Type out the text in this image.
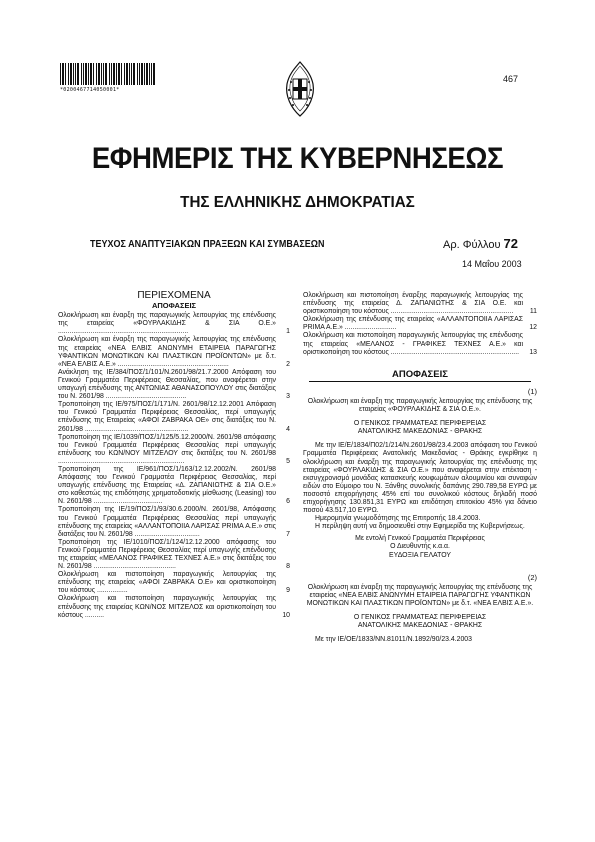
*0200467714050001*
467
ΕΦΗΜΕΡΙΣ ΤΗΣ ΚΥΒΕΡΝΗΣΕΩΣ
ΤΗΣ ΕΛΛΗΝΙΚΗΣ ΔΗΜΟΚΡΑΤΙΑΣ
ΤΕΥΧΟΣ ΑΝΑΠΤΥΞΙΑΚΩΝ ΠΡΑΞΕΩΝ ΚΑΙ ΣΥΜΒΑΣΕΩΝ	Αρ. Φύλλου 72
14 Μαΐου 2003
ΠΕΡΙΕΧΟΜΕΝΑ
ΑΠΟΦΑΣΕΙΣ
Ολοκλήρωση και έναρξη της παραγωγικής λειτουργίας της επένδυσης της εταιρείας «ΦΟΥΡΛΑΚΙΔΗΣ & ΣΙΑ Ο.Ε.» ....................................................................	1
Ολοκλήρωση και έναρξη της παραγωγικής λειτουργίας της επένδυσης της εταιρείας «ΝΕΑ ΕΛΒΙΣ ΑΝΩΝΥΜΗ ΕΤΑΙΡΕΙΑ ΠΑΡΑΓΩΓΗΣ ΥΦΑΝΤΙΚΩΝ ΜΟΝΩΤΙΚΩΝ ΚΑΙ ΠΛΑΣΤΙΚΩΝ ΠΡΟΪΟΝΤΩΝ» με δ.τ. «ΝΕΑ ΕΛΒΙΣ Α.Ε.» ..........................................................	2
Ανάκληση της ΙΕ/384/ΠΟΣ/1/101/Ν.2601/98/21.7.2000 Απόφαση του Γενικού Γραμματέα Περιφέρειας Θεσσαλίας, που αναφέρεται στην υπαγωγή επένδυσης της ΑΝΤΩΝΙΑΣ ΑΘΑΝΑΣΟΠΟΥΛΟΥ στις διατάξεις του Ν. 2601/98 ..........................................	3
Τροποποίηση της ΙΕ/975/ΠΟΣ/1/171/Ν. 2601/98/12.12.2001 Απόφαση του Γενικού Γραμματέα Περιφέρειας Θεσσαλίας, περί υπαγωγής επένδυσης της Εταιρείας «ΑΦΟΙ ΖΑΒΡΑΚΑ ΟΕ» στις διατάξεις του Ν. 2601/98 ......................................................	4
Τροποποίηση της ΙΕ/1039/ΠΟΣ/1/125/5.12.2000/Ν. 2601/98 απόφασης του Γενικού Γραμματέα Περιφέρειας Θεσσαλίας περί υπαγωγής επένδυσης του ΚΩΝ/ΝΟΥ ΜΙΤΖΕΛΟΥ στις διατάξεις του Ν. 2601/98 ..................................................................	5
Τροποποίηση της ΙΕ/961/ΠΟΣ/1/163/12.12.2002/Ν. 2601/98 Απόφασης του Γενικού Γραμματέα Περιφέρειας Θεσσαλίας, περί υπαγωγής επένδυσης της Εταιρείας «Δ. ΖΑΠΑΝΙΩΤΗΣ & ΣΙΑ Ο.Ε.» στο καθεστώς της επιδότησης χρηματοδοτικής μίσθωσης (Leasing) του Ν. 2601/98 ....................................	6
Τροποποίηση της ΙΕ/19/ΠΟΣ/1/93/30.6.2000/Ν. 2601/98, Απόφασης του Γενικού Γραμματέα Περιφέρειας Θεσσαλίας περί υπαγωγής επένδυσης της εταιρείας «ΑΛΛΑΝΤΟΠΟΙΙΑ ΛΑΡΙΣΑΣ PRIMA Α.Ε.» στις διατάξεις του Ν. 2601/98 ..................................	7
Τροποποίηση της ΙΕ/1010/ΠΟΣ/1/124/12.12.2000 απόφασης του Γενικού Γραμματέα Περιφέρειας Θεσσαλίας περί υπαγωγής επένδυσης της εταιρείας «ΜΕΛΑΝΟΣ ΓΡΑΦΙΚΕΣ ΤΕΧΝΕΣ Α.Ε.» στις διατάξεις του Ν. 2601/98 ...........................................	8
Ολοκλήρωση και πιστοποίηση παραγωγικής λειτουργίας της επένδυσης της εταιρείας «ΑΦΟΙ ΖΑΒΡΑΚΑ Ο.Ε» και οριστικοποίηση του κόστους ................	9
Ολοκλήρωση και πιστοποίηση παραγωγικής λειτουργίας της επένδυσης της εταιρείας ΚΩΝ/ΝΟΣ ΜΙΤΖΕΛΟΣ και οριστικοποίηση του κόστους ..........	10
Ολοκλήρωση και πιστοποίηση έναρξης παραγωγικής λειτουργίας της επένδυσης της εταιρείας Δ. ΖΑΠΑΝΙΩΤΗΣ & ΣΙΑ Ο.Ε. και οριστικοποίηση του κόστους ................................................................	11
Ολοκλήρωση της επένδυσης της εταιρείας «ΑΛΛΑΝΤΟΠΟΙΙΑ ΛΑΡΙΣΑΣ PRIMA A.E.» ...........................	12
Ολοκλήρωση και πιστοποίηση παραγωγικής λειτουργίας της επένδυσης της εταιρείας «ΜΕΛΑΝΟΣ - ΓΡΑΦΙΚΕΣ ΤΕΧΝΕΣ Α.Ε.» και οριστικοποίηση του κόστους ...................................................................	13
ΑΠΟΦΑΣΕΙΣ
(1)
Ολοκλήρωση και έναρξη της παραγωγικής λειτουργίας της επένδυσης της εταιρείας «ΦΟΥΡΛΑΚΙΔΗΣ & ΣΙΑ Ο.Ε.».
Ο ΓΕΝΙΚΟΣ ΓΡΑΜΜΑΤΕΑΣ ΠΕΡΙΦΕΡΕΙΑΣ
ΑΝΑΤΟΛΙΚΗΣ ΜΑΚΕΔΟΝΙΑΣ - ΘΡΑΚΗΣ

Με την ΙΕ/Ε/1834/Π02/1/214/Ν.2601/98/23.4.2003 απόφαση του Γενικού Γραμματέα Περιφέρειας Ανατολικής Μακεδονίας - Θράκης εγκρίθηκε η ολοκλήρωση και έναρξη της παραγωγικής λειτουργίας της επένδυσης της εταιρείας «ΦΟΥΡΛΑΚΙΔΗΣ & ΣΙΑ Ο.Ε.» που αναφέρεται στην επέκταση - εκσυγχρονισμό μονάδας κατασκευής κουφωμάτων αλουμινίου και συναφών ειδών στο Εύμοιρο του Ν. Ξάνθης συνολικής δαπάνης 290.789,58 ΕΥΡΩ με ποσοστό επιχορήγησης 45% επί του συνολικού κόστους δηλαδή ποσό επιχορήγησης 130.851,31 ΕΥΡΩ και επιδότηση επιτοκίου 45% για δάνειο ποσού 43.517,10 ΕΥΡΩ.

Ημερομηνία γνωμοδότησης της Επιτροπής 18.4.2003.

Η περίληψη αυτή να δημοσιευθεί στην Εφημερίδα της Κυβερνήσεως.

Με εντολή Γενικού Γραμματέα Περιφέρειας
Ο Διευθυντής κ.α.α.
ΕΥΔΟΞΙΑ ΓΕΛΑΤΟΥ
(2)
Ολοκλήρωση και έναρξη της παραγωγικής λειτουργίας της επένδυσης της εταιρείας «ΝΕΑ ΕΛΒΙΣ ΑΝΩΝΥΜΗ ΕΤΑΙΡΕΙΑ ΠΑΡΑΓΩΓΗΣ ΥΦΑΝΤΙΚΩΝ ΜΟΝΩΤΙΚΩΝ ΚΑΙ ΠΛΑΣΤΙΚΩΝ ΠΡΟΪΟΝΤΩΝ» με δ.τ. «ΝΕΑ ΕΛΒΙΣ Α.Ε.».
Ο ΓΕΝΙΚΟΣ ΓΡΑΜΜΑΤΕΑΣ ΠΕΡΙΦΕΡΕΙΑΣ
ΑΝΑΤΟΛΙΚΗΣ ΜΑΚΕΔΟΝΙΑΣ - ΘΡΑΚΗΣ

Με την ΙΕ/ΟΕ/1833/ΝΝ.81011/Ν.1892/90/23.4.2003
